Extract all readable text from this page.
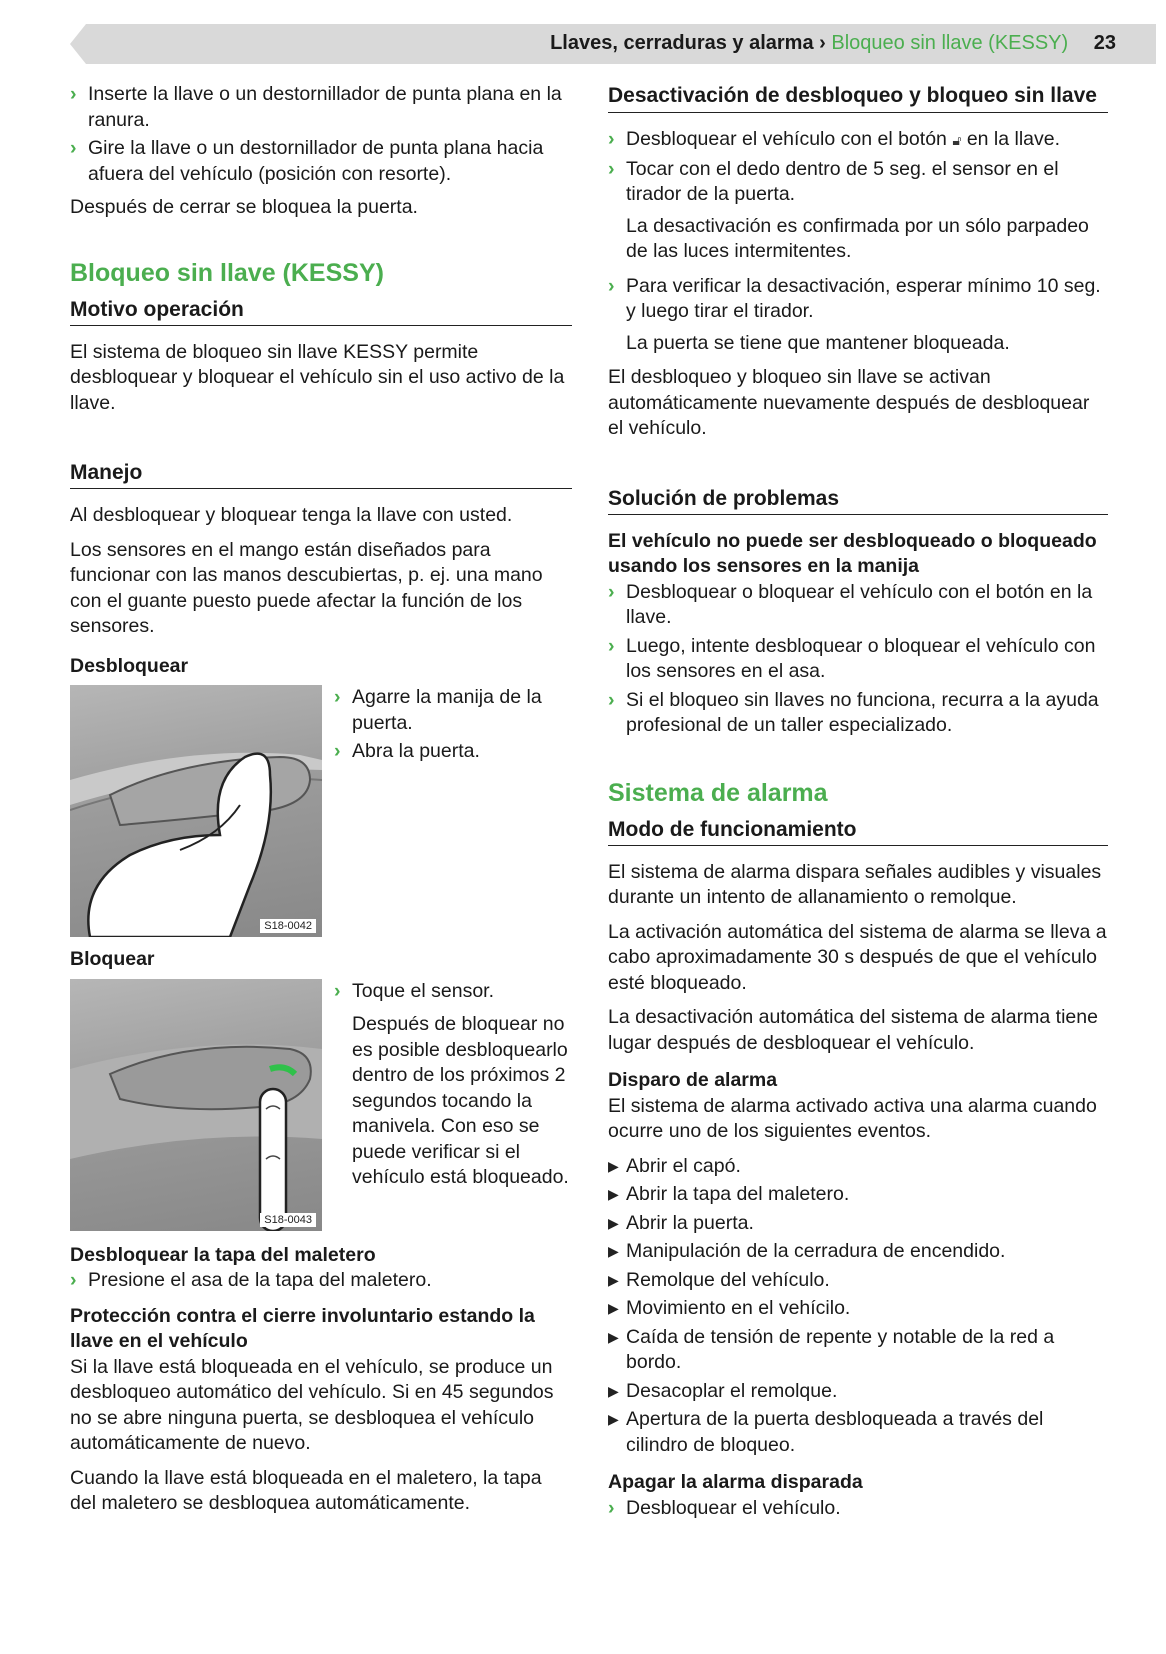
Llaves, cerraduras y alarma › Bloqueo sin llave (KESSY) 23
› Inserte la llave o un destornillador de punta plana en la ranura.
› Gire la llave o un destornillador de punta plana hacia afuera del vehículo (posición con resorte).

Después de cerrar se bloquea la puerta.

Bloqueo sin llave (KESSY)
Motivo operación

El sistema de bloqueo sin llave KESSY permite desbloquear y bloquear el vehículo sin el uso activo de la llave.

Manejo

Al desbloquear y bloquear tenga la llave con usted.

Los sensores en el mango están diseñados para funcionar con las manos descubiertas, p. ej. una mano con el guante puesto puede afectar la función de los sensores.

Desbloquear
S18-0042
› Agarre la manija de la puerta.
› Abra la puerta.
Bloquear
S18-0043
› Toque el sensor.

Después de bloquear no es posible desbloquearlo dentro de los próximos 2 segundos tocando la manivela. Con eso se puede verificar si el vehículo está bloqueado.

Desbloquear la tapa del maletero
› Presione el asa de la tapa del maletero.
Protección contra el cierre involuntario estando la llave en el vehículo

Si la llave está bloqueada en el vehículo, se produce un desbloqueo automático del vehículo. Si en 45 segundos no se abre ninguna puerta, se desbloquea el vehículo automáticamente de nuevo.

Cuando la llave está bloqueada en el maletero, la tapa del maletero se desbloquea automáticamente.

Desactivación de desbloqueo y bloqueo sin llave
› Desbloquear el vehículo con el botón 🔓︎ en la llave.
› Tocar con el dedo dentro de 5 seg. el sensor en el tirador de la puerta.

La desactivación es confirmada por un sólo parpadeo de las luces intermitentes.

› Para verificar la desactivación, esperar mínimo 10 seg. y luego tirar el tirador.

La puerta se tiene que mantener bloqueada.

El desbloqueo y bloqueo sin llave se activan automáticamente nuevamente después de desbloquear el vehículo.

Solución de problemas
El vehículo no puede ser desbloqueado o bloqueado usando los sensores en la manija
› Desbloquear o bloquear el vehículo con el botón en la llave.
› Luego, intente desbloquear o bloquear el vehículo con los sensores en el asa.
› Si el bloqueo sin llaves no funciona, recurra a la ayuda profesional de un taller especializado.
Sistema de alarma
Modo de funcionamiento

El sistema de alarma dispara señales audibles y visuales durante un intento de allanamiento o remolque.

La activación automática del sistema de alarma se lleva a cabo aproximadamente 30 s después de que el vehículo esté bloqueado.

La desactivación automática del sistema de alarma tiene lugar después de desbloquear el vehículo.

Disparo de alarma

El sistema de alarma activado activa una alarma cuando ocurre uno de los siguientes eventos.

▶ Abrir el capó.
▶ Abrir la tapa del maletero.
▶ Abrir la puerta.
▶ Manipulación de la cerradura de encendido.
▶ Remolque del vehículo.
▶ Movimiento en el vehícilo.
▶ Caída de tensión de repente y notable de la red a bordo.
▶ Desacoplar el remolque.
▶ Apertura de la puerta desbloqueada a través del cilindro de bloqueo.
Apagar la alarma disparada
› Desbloquear el vehículo.
